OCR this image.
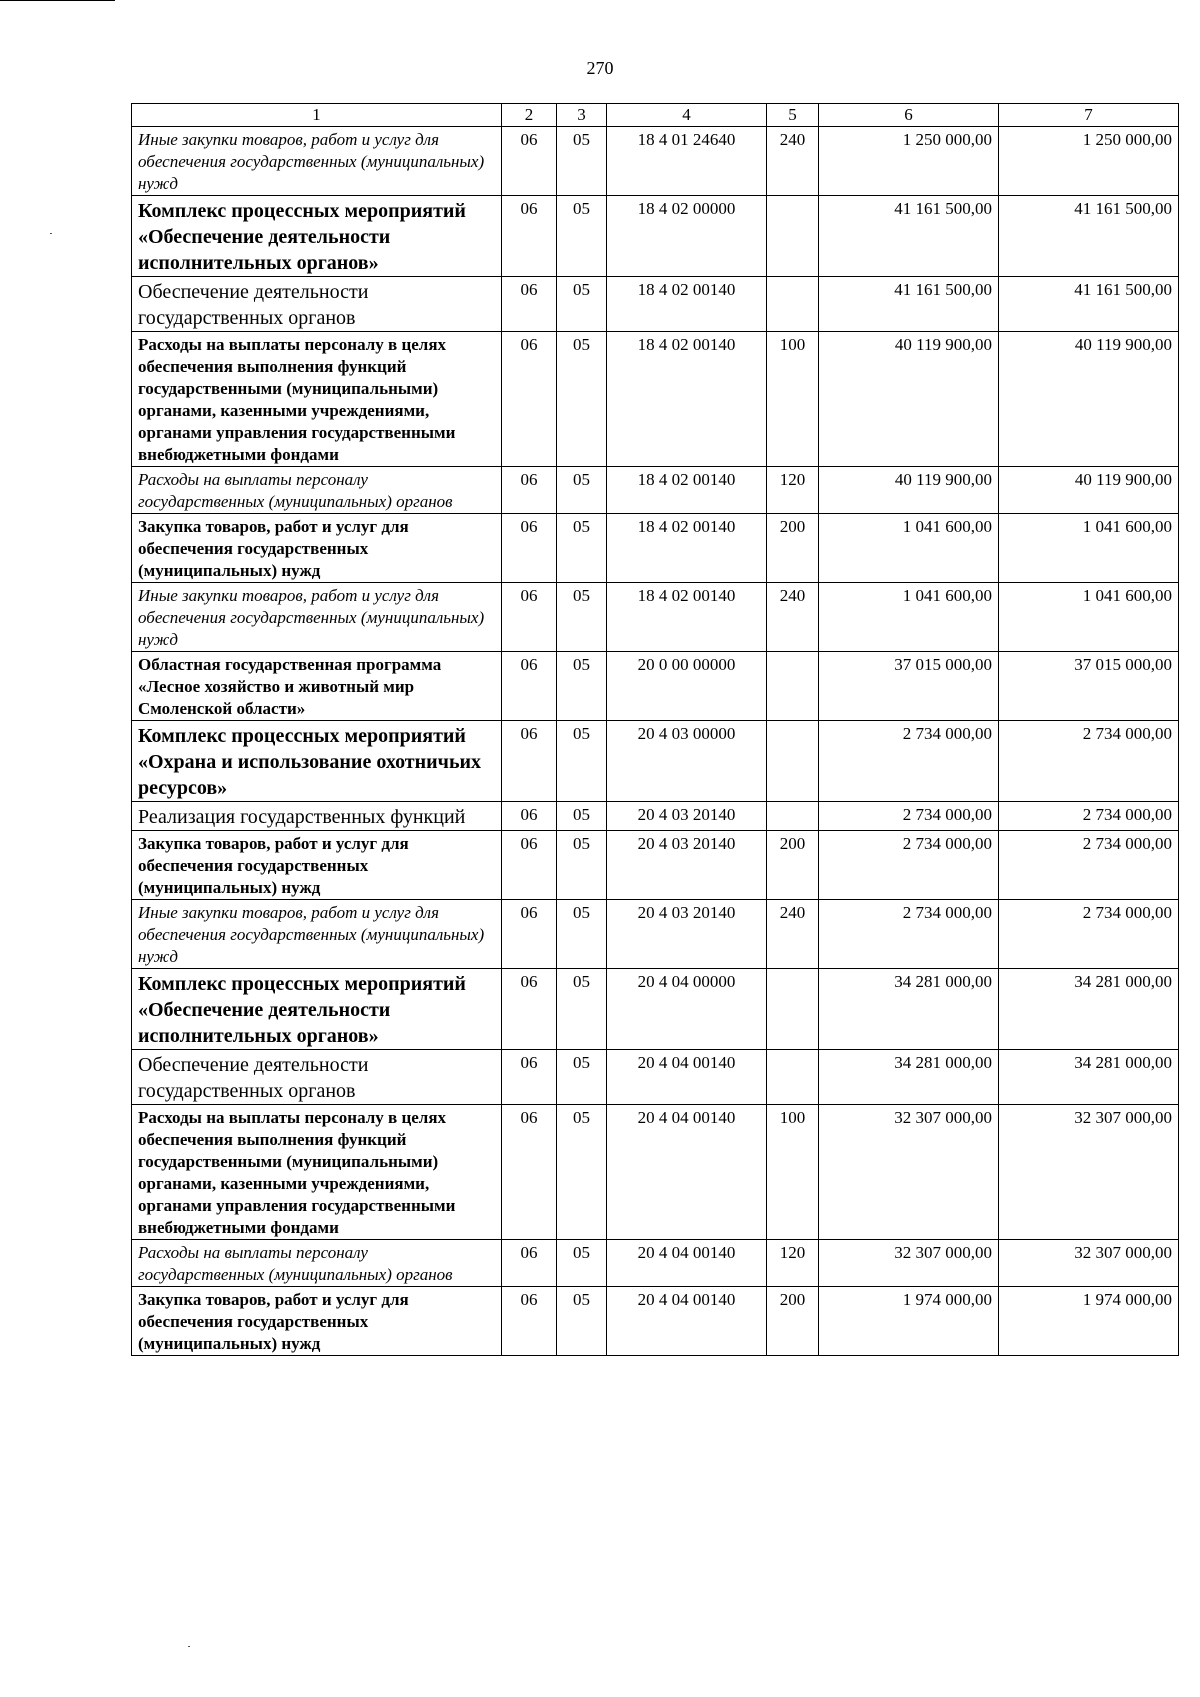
270
1	2	3	4	5	6	7
Иные закупки товаров, работ и услуг для обеспечения государственных (муниципальных) нужд	06	05	18 4 01 24640	240	1 250 000,00	1 250 000,00
Комплекс процессных мероприятий «Обеспечение деятельности исполнительных органов»	06	05	18 4 02 00000		41 161 500,00	41 161 500,00
Обеспечение деятельности государственных органов	06	05	18 4 02 00140		41 161 500,00	41 161 500,00
Расходы на выплаты персоналу в целях обеспечения выполнения функций государственными (муниципальными) органами, казенными учреждениями, органами управления государственными внебюджетными фондами	06	05	18 4 02 00140	100	40 119 900,00	40 119 900,00
Расходы на выплаты персоналу государственных (муниципальных) органов	06	05	18 4 02 00140	120	40 119 900,00	40 119 900,00
Закупка товаров, работ и услуг для обеспечения государственных (муниципальных) нужд	06	05	18 4 02 00140	200	1 041 600,00	1 041 600,00
Иные закупки товаров, работ и услуг для обеспечения государственных (муниципальных) нужд	06	05	18 4 02 00140	240	1 041 600,00	1 041 600,00
Областная государственная программа «Лесное хозяйство и животный мир Смоленской области»	06	05	20 0 00 00000		37 015 000,00	37 015 000,00
Комплекс процессных мероприятий «Охрана и использование охотничьих ресурсов»	06	05	20 4 03 00000		2 734 000,00	2 734 000,00
Реализация государственных функций	06	05	20 4 03 20140		2 734 000,00	2 734 000,00
Закупка товаров, работ и услуг для обеспечения государственных (муниципальных) нужд	06	05	20 4 03 20140	200	2 734 000,00	2 734 000,00
Иные закупки товаров, работ и услуг для обеспечения государственных (муниципальных) нужд	06	05	20 4 03 20140	240	2 734 000,00	2 734 000,00
Комплекс процессных мероприятий «Обеспечение деятельности исполнительных органов»	06	05	20 4 04 00000		34 281 000,00	34 281 000,00
Обеспечение деятельности государственных органов	06	05	20 4 04 00140		34 281 000,00	34 281 000,00
Расходы на выплаты персоналу в целях обеспечения выполнения функций государственными (муниципальными) органами, казенными учреждениями, органами управления государственными внебюджетными фондами	06	05	20 4 04 00140	100	32 307 000,00	32 307 000,00
Расходы на выплаты персоналу государственных (муниципальных) органов	06	05	20 4 04 00140	120	32 307 000,00	32 307 000,00
Закупка товаров, работ и услуг для обеспечения государственных (муниципальных) нужд	06	05	20 4 04 00140	200	1 974 000,00	1 974 000,00
